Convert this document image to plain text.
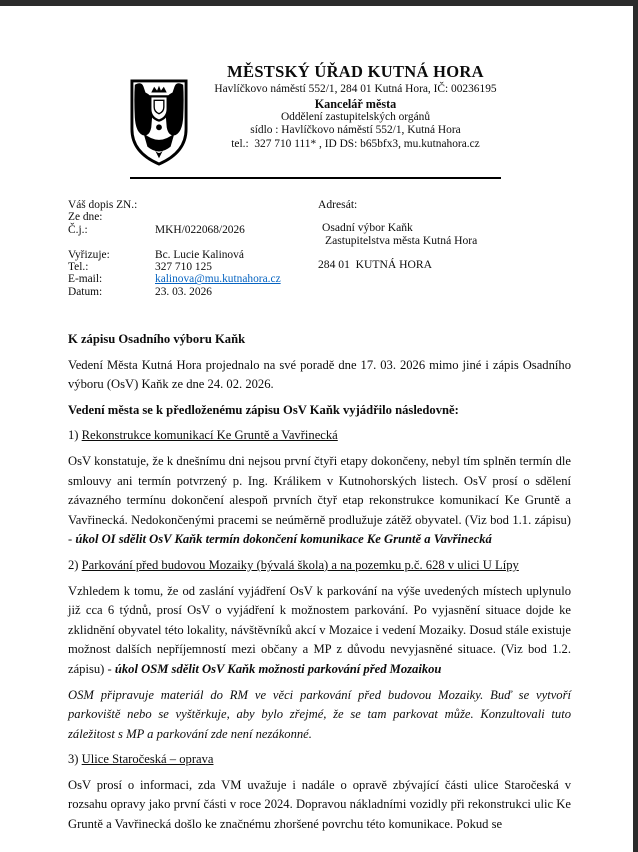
MĚSTSKÝ ÚŘAD KUTNÁ HORA
Havlíčkovo náměstí 552/1, 284 01 Kutná Hora, IČ: 00236195
Kancelář města
Oddělení zastupitelských orgánů
sídlo : Havlíčkovo náměstí 552/1, Kutná Hora
tel.:  327 710 111* , ID DS: b65bfx3, mu.kutnahora.cz
Váš dopis ZN.:
Ze dne:
Č.j.:	MKH/022068/2026
Vyřizuje:	Bc. Lucie Kalinová
Tel.:	327 710 125
E-mail:	kalinova@mu.kutnahora.cz
Datum:	23. 03. 2026
Adresát:
Osadní výbor Kaňk
Zastupitelstva města Kutná Hora
284 01  KUTNÁ HORA

K zápisu Osadního výboru Kaňk

Vedení Města Kutná Hora projednalo na své poradě dne 17. 03. 2026 mimo jiné i zápis Osadního výboru (OsV) Kaňk ze dne 24. 02. 2026.

Vedení města se k předloženému zápisu OsV Kaňk vyjádřilo následovně:

1) Rekonstrukce komunikací Ke Gruntě a Vavřinecká

OsV konstatuje, že k dnešnímu dni nejsou první čtyři etapy dokončeny, nebyl tím splněn termín dle smlouvy ani termín potvrzený p. Ing. Králikem v Kutnohorských listech. OsV prosí o sdělení závazného termínu dokončení alespoň prvních čtyř etap rekonstrukce komunikací Ke Gruntě a Vavřinecká. Nedokončenými pracemi se neúměrně prodlužuje zátěž obyvatel. (Viz bod 1.1. zápisu) - úkol OI sdělit OsV Kaňk termín dokončení komunikace Ke Gruntě a Vavřinecká

2) Parkování před budovou Mozaiky (bývalá škola) a na pozemku p.č. 628 v ulici U Lípy

Vzhledem k tomu, že od zaslání vyjádření OsV k parkování na výše uvedených místech uplynulo již cca 6 týdnů, prosí OsV o vyjádření k možnostem parkování. Po vyjasnění situace dojde ke zklidnění obyvatel této lokality, návštěvníků akcí v Mozaice i vedení Mozaiky. Dosud stále existuje možnost dalších nepříjemností mezi občany a MP z důvodu nevyjasněné situace. (Viz bod 1.2. zápisu) - úkol OSM sdělit OsV Kaňk možnosti parkování před Mozaikou

OSM připravuje materiál do RM ve věci parkování před budovou Mozaiky. Buď se vytvoří parkoviště nebo se vyštěrkuje, aby bylo zřejmé, že se tam parkovat může. Konzultovali tuto záležitost s MP a parkování zde není nezákonné.

3) Ulice Staročeská – oprava

OsV prosí o informaci, zda VM uvažuje i nadále o opravě zbývající části ulice Staročeská v rozsahu opravy jako první části v roce 2024. Dopravou nákladními vozidly při rekonstrukci ulic Ke Gruntě a Vavřinecká došlo ke značnému zhoršené povrchu této komunikace. Pokud se
